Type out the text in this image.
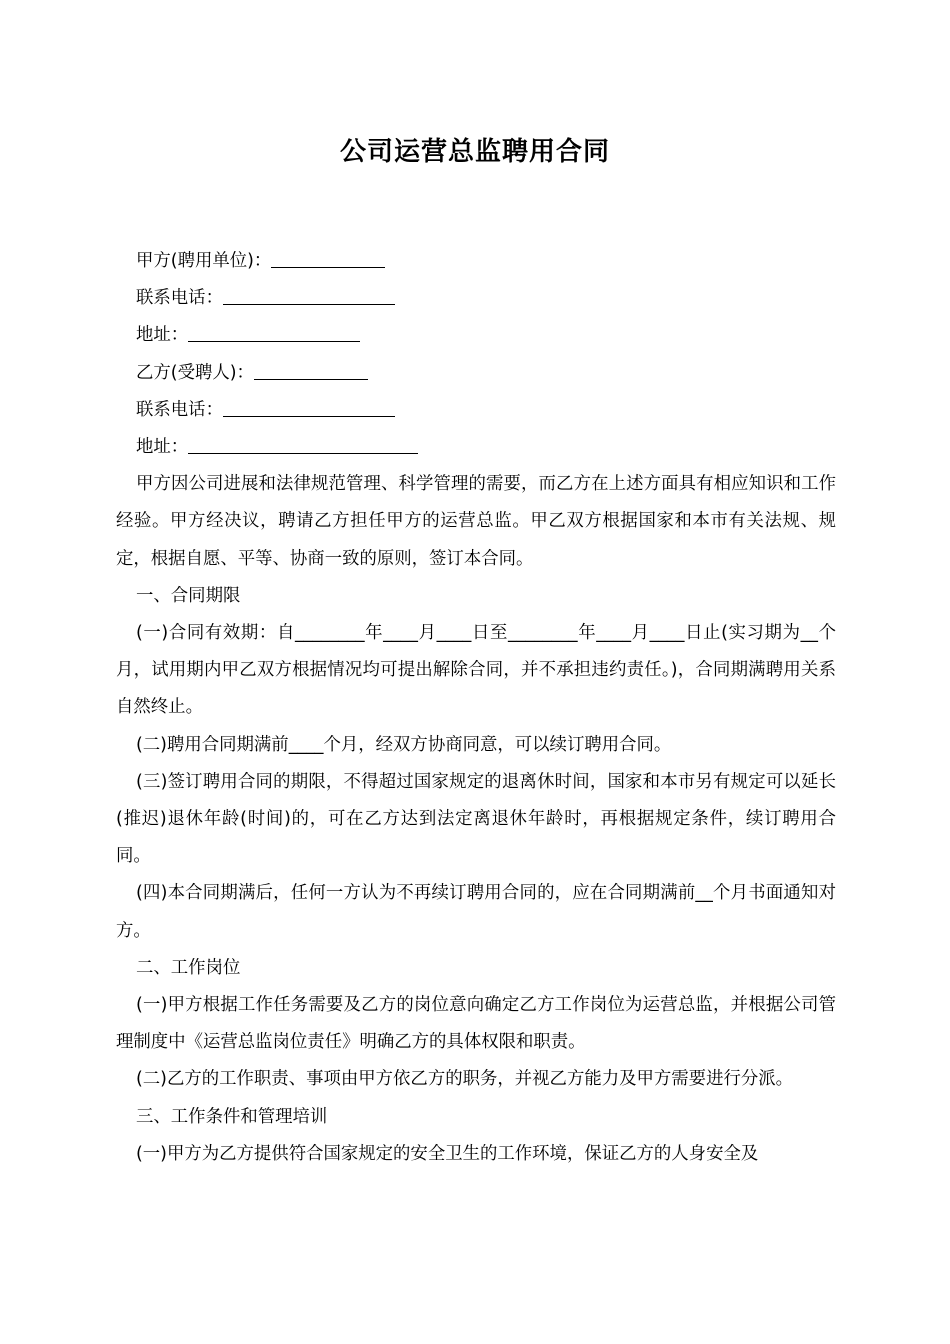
公司运营总监聘用合同

甲方(聘用单位)：

联系电话：

地址：

乙方(受聘人)：

联系电话：

地址：

甲方因公司进展和法律规范管理、科学管理的需要，而乙方在上述方面具有相应知识和工作经验。甲方经决议，聘请乙方担任甲方的运营总监。甲乙双方根据国家和本市有关法规、规定，根据自愿、平等、协商一致的原则，签订本合同。

一、合同期限

(一)合同有效期：自________年____月____日至________年____月____日止(实习期为__个月，试用期内甲乙双方根据情况均可提出解除合同，并不承担违约责任。)，合同期满聘用关系自然终止。

(二)聘用合同期满前____个月，经双方协商同意，可以续订聘用合同。

(三)签订聘用合同的期限，不得超过国家规定的退离休时间，国家和本市另有规定可以延长(推迟)退休年龄(时间)的，可在乙方达到法定离退休年龄时，再根据规定条件，续订聘用合同。

(四)本合同期满后，任何一方认为不再续订聘用合同的，应在合同期满前__个月书面通知对方。

二、工作岗位

(一)甲方根据工作任务需要及乙方的岗位意向确定乙方工作岗位为运营总监，并根据公司管理制度中《运营总监岗位责任》明确乙方的具体权限和职责。

(二)乙方的工作职责、事项由甲方依乙方的职务，并视乙方能力及甲方需要进行分派。

三、工作条件和管理培训

(一)甲方为乙方提供符合国家规定的安全卫生的工作环境，保证乙方的人身安全及
